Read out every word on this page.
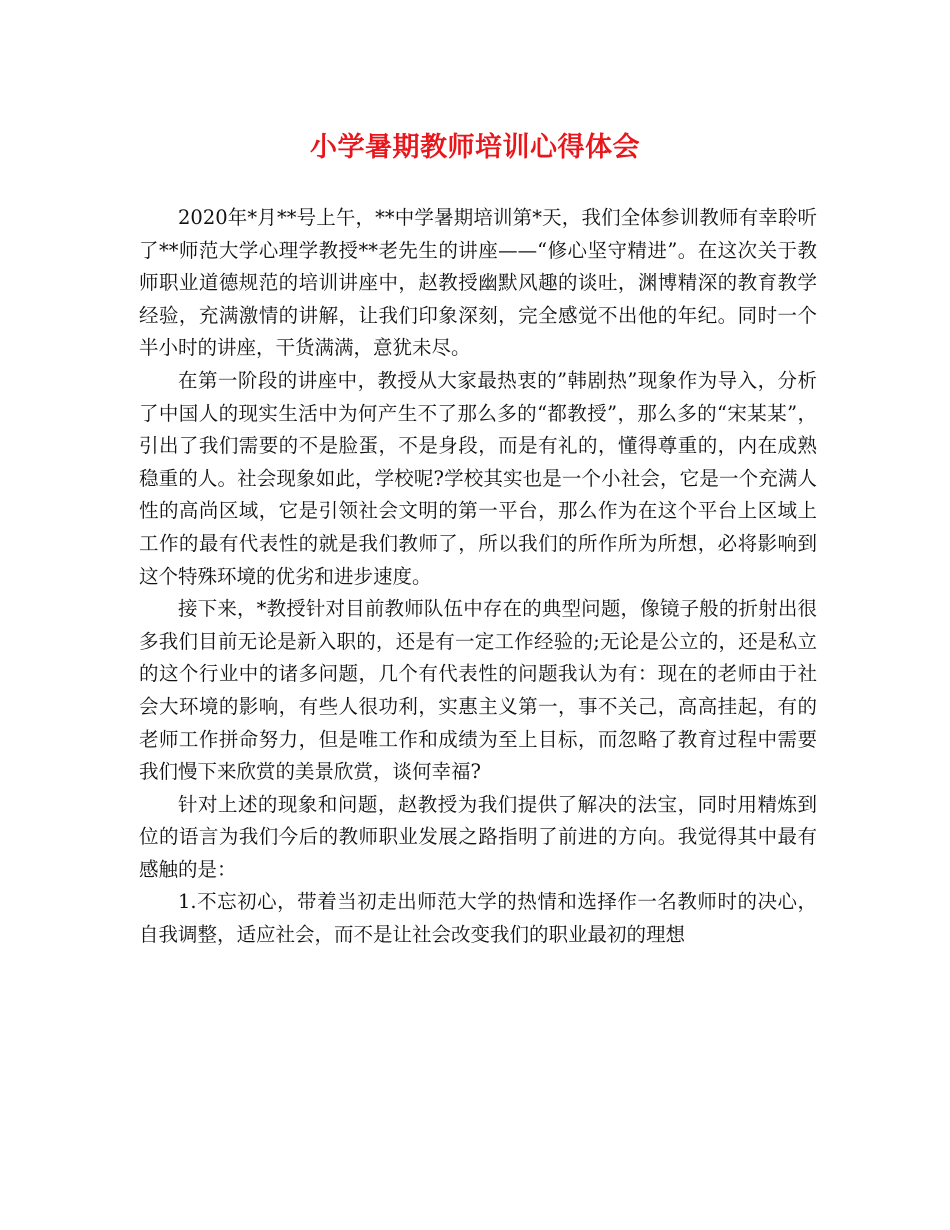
小学暑期教师培训心得体会

2020年*月**号上午，**中学暑期培训第*天，我们全体参训教师有幸聆听了**师范大学心理学教授**老先生的讲座——“修心坚守精进”。在这次关于教师职业道德规范的培训讲座中，赵教授幽默风趣的谈吐，渊博精深的教育教学经验，充满激情的讲解，让我们印象深刻，完全感觉不出他的年纪。同时一个半小时的讲座，干货满满，意犹未尽。

在第一阶段的讲座中，教授从大家最热衷的”韩剧热”现象作为导入，分析了中国人的现实生活中为何产生不了那么多的“都教授”，那么多的“宋某某”，引出了我们需要的不是脸蛋，不是身段，而是有礼的，懂得尊重的，内在成熟稳重的人。社会现象如此，学校呢?学校其实也是一个小社会，它是一个充满人性的高尚区域，它是引领社会文明的第一平台，那么作为在这个平台上区域上工作的最有代表性的就是我们教师了，所以我们的所作所为所想，必将影响到这个特殊环境的优劣和进步速度。

接下来，*教授针对目前教师队伍中存在的典型问题，像镜子般的折射出很多我们目前无论是新入职的，还是有一定工作经验的;无论是公立的，还是私立的这个行业中的诸多问题，几个有代表性的问题我认为有：现在的老师由于社会大环境的影响，有些人很功利，实惠主义第一，事不关己，高高挂起，有的老师工作拼命努力，但是唯工作和成绩为至上目标，而忽略了教育过程中需要我们慢下来欣赏的美景欣赏，谈何幸福?

针对上述的现象和问题，赵教授为我们提供了解决的法宝，同时用精炼到位的语言为我们今后的教师职业发展之路指明了前进的方向。我觉得其中最有感触的是：

1.不忘初心，带着当初走出师范大学的热情和选择作一名教师时的决心，自我调整，适应社会，而不是让社会改变我们的职业最初的理想
